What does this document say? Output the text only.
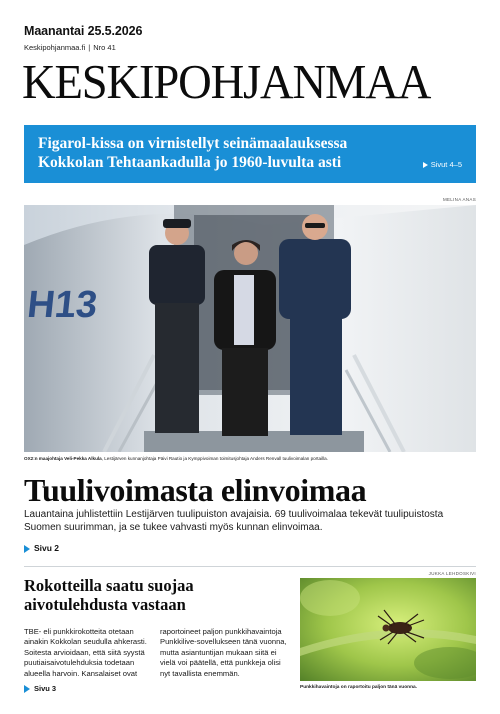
Maanantai 25.5.2026
Keskipohjanmaa.fi | Nro 41
KESKIPOHJANMAA
Figarol-kissa on virnistellyt seinämaalauksessa Kokkolan Tehtaankadulla jo 1960-luvulta asti	Sivut 4–5
MELINA ANAS
H13
OX2:n maajohtaja Veli-Pekka Alkula, Lestijärven kunnanjohtaja Päivi Rautio ja Kymppivoiman toimitusjohtaja Anders Renvall tuulivoimalan portailla.
Tuulivoimasta elinvoimaa
Lauantaina juhlistettiin Lestijärven tuulipuiston avajaisia. 69 tuulivoimalaa tekevät tuulipuistosta Suomen suurimman, ja se tukee vahvasti myös kunnan elinvoimaa.
Sivu 2
Rokotteilla saatu suojaa aivotulehdusta vastaan
TBE- eli punkkirokotteita otetaan ainakin Kokkolan seudulla ahkerasti. Soitesta arvioidaan, että siitä syystä puutiaisaivotulehduksia todetaan alueella harvoin. Kansalaiset ovat
raportoineet paljon punkkihavaintoja Punkkilive-sovellukseen tänä vuonna, mutta asiantuntijan mukaan siitä ei vielä voi päätellä, että punkkeja olisi nyt tavallista enemmän.
Sivu 3
JUKKA LEHDOSKIVI
Punkkihavaintoja on raportoitu paljon tänä vuonna.
